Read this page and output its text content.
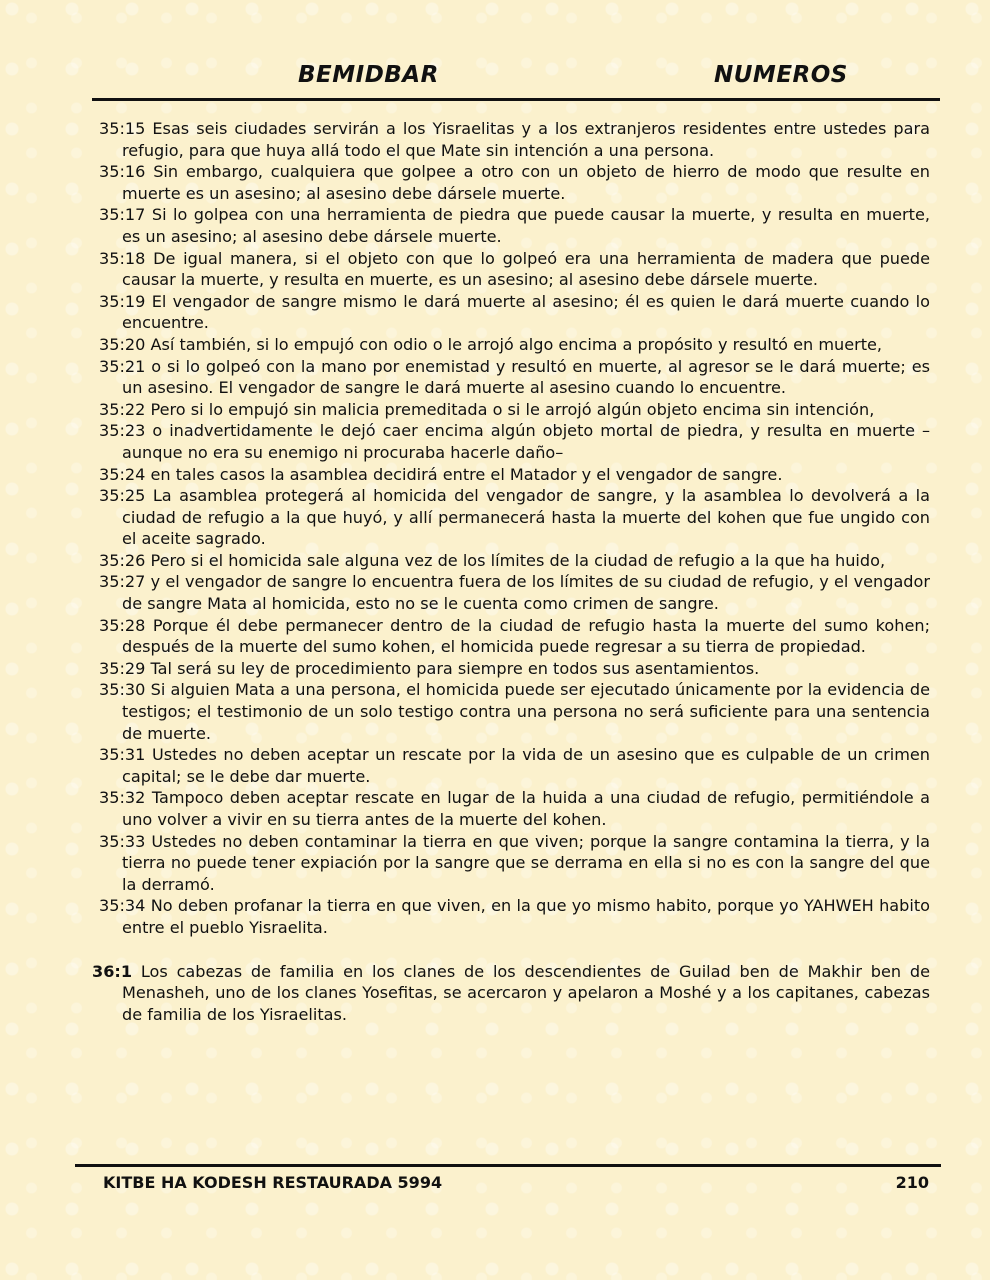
BEMIDBAR	NUMEROS

35:15 Esas seis ciudades servirán a los Yisraelitas y a los extranjeros residentes entre ustedes para refugio, para que huya allá todo el que Mate sin intención a una persona.

35:16 Sin embargo, cualquiera que golpee a otro con un objeto de hierro de modo que resulte en muerte es un asesino; al asesino debe dársele muerte.

35:17 Si lo golpea con una herramienta de piedra que puede causar la muerte, y resulta en muerte, es un asesino; al asesino debe dársele muerte.

35:18 De igual manera, si el objeto con que lo golpeó era una herramienta de madera que puede causar la muerte, y resulta en muerte, es un asesino; al asesino debe dársele muerte.

35:19 El vengador de sangre mismo le dará muerte al asesino; él es quien le dará muerte cuando lo encuentre.

35:20 Así también, si lo empujó con odio o le arrojó algo encima a propósito y resultó en muerte,

35:21 o si lo golpeó con la mano por enemistad y resultó en muerte, al agresor se le dará muerte; es un asesino. El vengador de sangre le dará muerte al asesino cuando lo encuentre.

35:22 Pero si lo empujó sin malicia premeditada o si le arrojó algún objeto encima sin intención,

35:23 o inadvertidamente le dejó caer encima algún objeto mortal de piedra, y resulta en muerte –aunque no era su enemigo ni procuraba hacerle daño–

35:24 en tales casos la asamblea decidirá entre el Matador y el vengador de sangre.

35:25 La asamblea protegerá al homicida del vengador de sangre, y la asamblea lo devolverá a la ciudad de refugio a la que huyó, y allí permanecerá hasta la muerte del kohen que fue ungido con el aceite sagrado.

35:26 Pero si el homicida sale alguna vez de los límites de la ciudad de refugio a la que ha huido,

35:27 y el vengador de sangre lo encuentra fuera de los límites de su ciudad de refugio, y el vengador de sangre Mata al homicida, esto no se le cuenta como crimen de sangre.

35:28 Porque él debe permanecer dentro de la ciudad de refugio hasta la muerte del sumo kohen; después de la muerte del sumo kohen, el homicida puede regresar a su tierra de propiedad.

35:29 Tal será su ley de procedimiento para siempre en todos sus asentamientos.

35:30 Si alguien Mata a una persona, el homicida puede ser ejecutado únicamente por la evidencia de testigos; el testimonio de un solo testigo contra una persona no será suficiente para una sentencia de muerte.

35:31 Ustedes no deben aceptar un rescate por la vida de un asesino que es culpable de un crimen capital; se le debe dar muerte.

35:32 Tampoco deben aceptar rescate en lugar de la huida a una ciudad de refugio, permitiéndole a uno volver a vivir en su tierra antes de la muerte del kohen.

35:33 Ustedes no deben contaminar la tierra en que viven; porque la sangre contamina la tierra, y la tierra no puede tener expiación por la sangre que se derrama en ella si no es con la sangre del que la derramó.

35:34 No deben profanar la tierra en que viven, en la que yo mismo habito, porque yo YAHWEH habito entre el pueblo Yisraelita.

36:1 Los cabezas de familia en los clanes de los descendientes de Guilad ben de Makhir ben de Menasheh, uno de los clanes Yosefitas, se acercaron y apelaron a Moshé y a los capitanes, cabezas de familia de los Yisraelitas.

KITBE HA KODESH RESTAURADA 5994	210
